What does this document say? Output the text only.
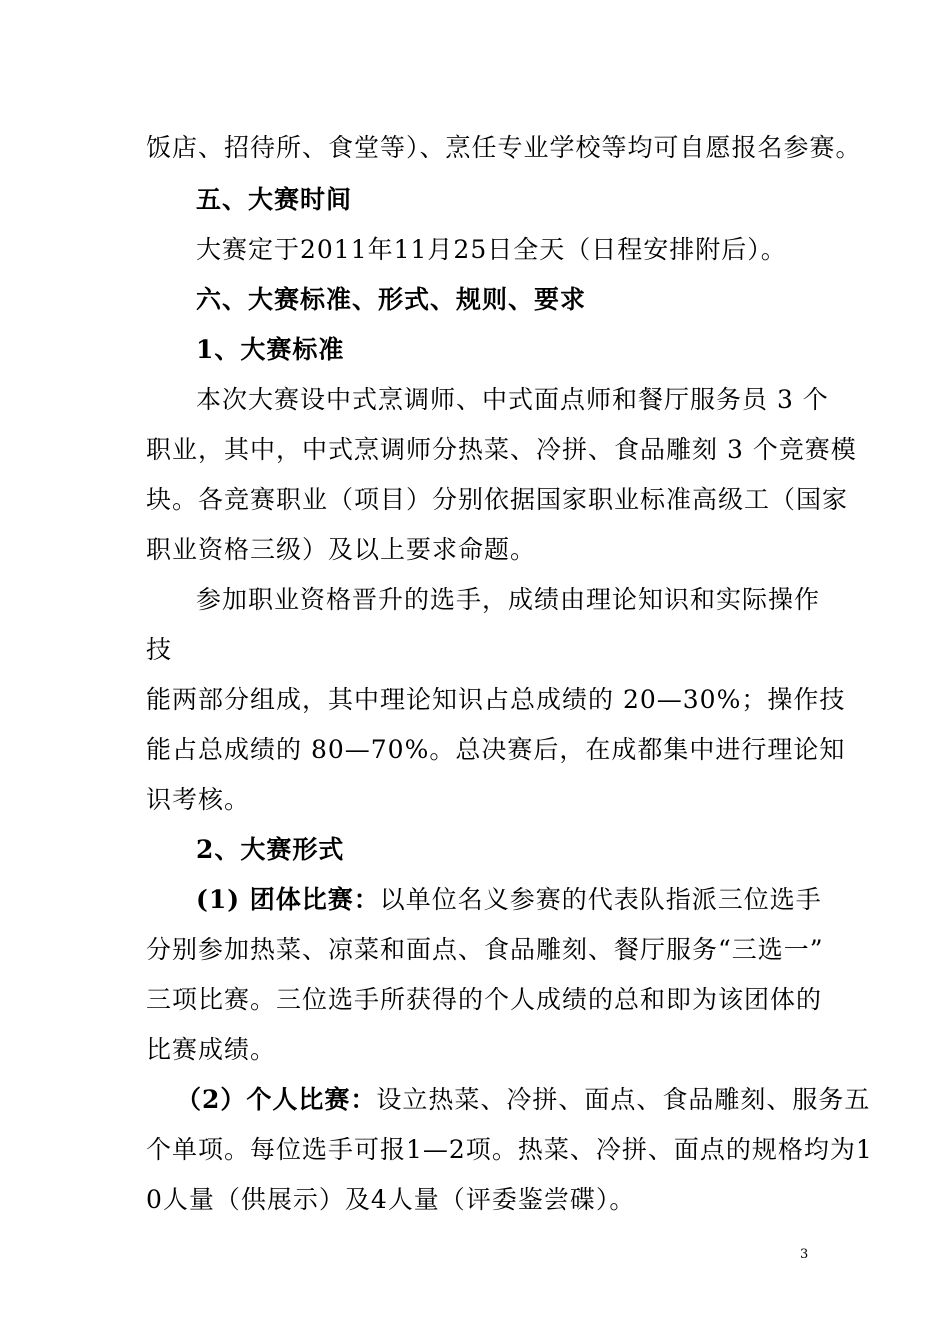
饭店、招待所、食堂等）、烹任专业学校等均可自愿报名参赛。
五、大赛时间
大赛定于2011年11月25日全天（日程安排附后）。
六、大赛标准、形式、规则、要求
1、大赛标准
本次大赛设中式烹调师、中式面点师和餐厅服务员 3 个
职业，其中，中式烹调师分热菜、冷拼、食品雕刻 3 个竞赛模
块。各竞赛职业（项目）分别依据国家职业标准高级工（国家
职业资格三级）及以上要求命题。
参加职业资格晋升的选手，成绩由理论知识和实际操作
技
能两部分组成，其中理论知识占总成绩的 20—30%；操作技
能占总成绩的 80—70%。总决赛后，在成都集中进行理论知
识考核。
2、大赛形式
(1) 团体比赛：以单位名义参赛的代表队指派三位选手
分别参加热菜、凉菜和面点、食品雕刻、餐厅服务“三选一”
三项比赛。三位选手所获得的个人成绩的总和即为该团体的
比赛成绩。
（2）个人比赛：设立热菜、冷拼、面点、食品雕刻、服务五
个单项。每位选手可报1—2项。热菜、冷拼、面点的规格均为1
0人量（供展示）及4人量（评委鉴尝碟）。
3
